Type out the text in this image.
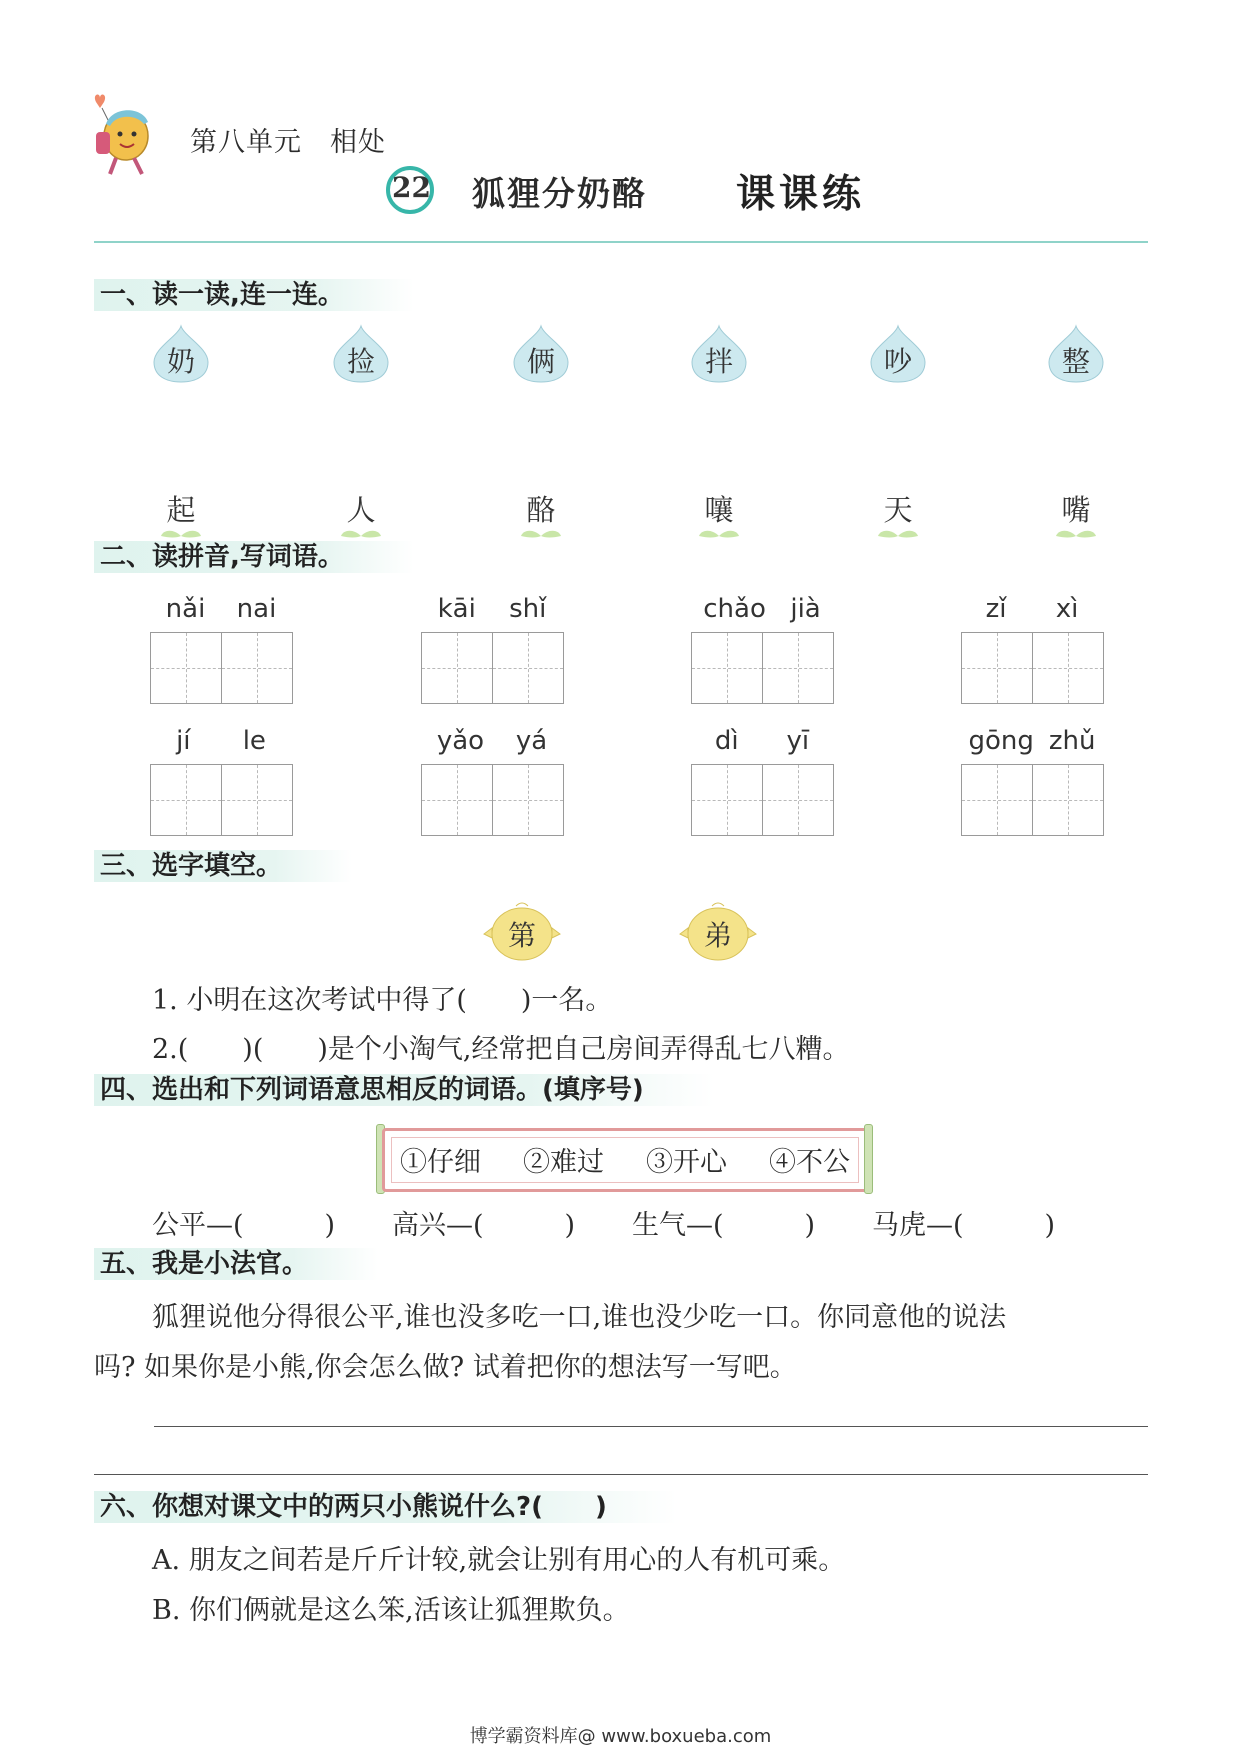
第八单元 相处
22 狐狸分奶酪 课课练
一、读一读,连一连。
奶	捡	俩	拌	吵	整
起	人	酪	嚷	天	嘴
二、读拼音,写词语。
nǎi nai	kāi shǐ	chǎo jià	zǐ xì
jí le	yǎo yá	dì yī	gōng zhǔ
三、选字填空。
第	弟
1. 小明在这次考试中得了(　　)一名。
2.(　　)(　　)是个小淘气,经常把自己房间弄得乱七八糟。
四、选出和下列词语意思相反的词语。(填序号)
①仔细 ②难过 ③开心 ④不公
公平—(　　　) 高兴—(　　　) 生气—(　　　) 马虎—(　　　)
五、我是小法官。
狐狸说他分得很公平,谁也没多吃一口,谁也没少吃一口。你同意他的说法
吗? 如果你是小熊,你会怎么做? 试着把你的想法写一写吧。
六、你想对课文中的两只小熊说什么?(　　)
A. 朋友之间若是斤斤计较,就会让别有用心的人有机可乘。
B. 你们俩就是这么笨,活该让狐狸欺负。
博学霸资料库@ www.boxueba.com
